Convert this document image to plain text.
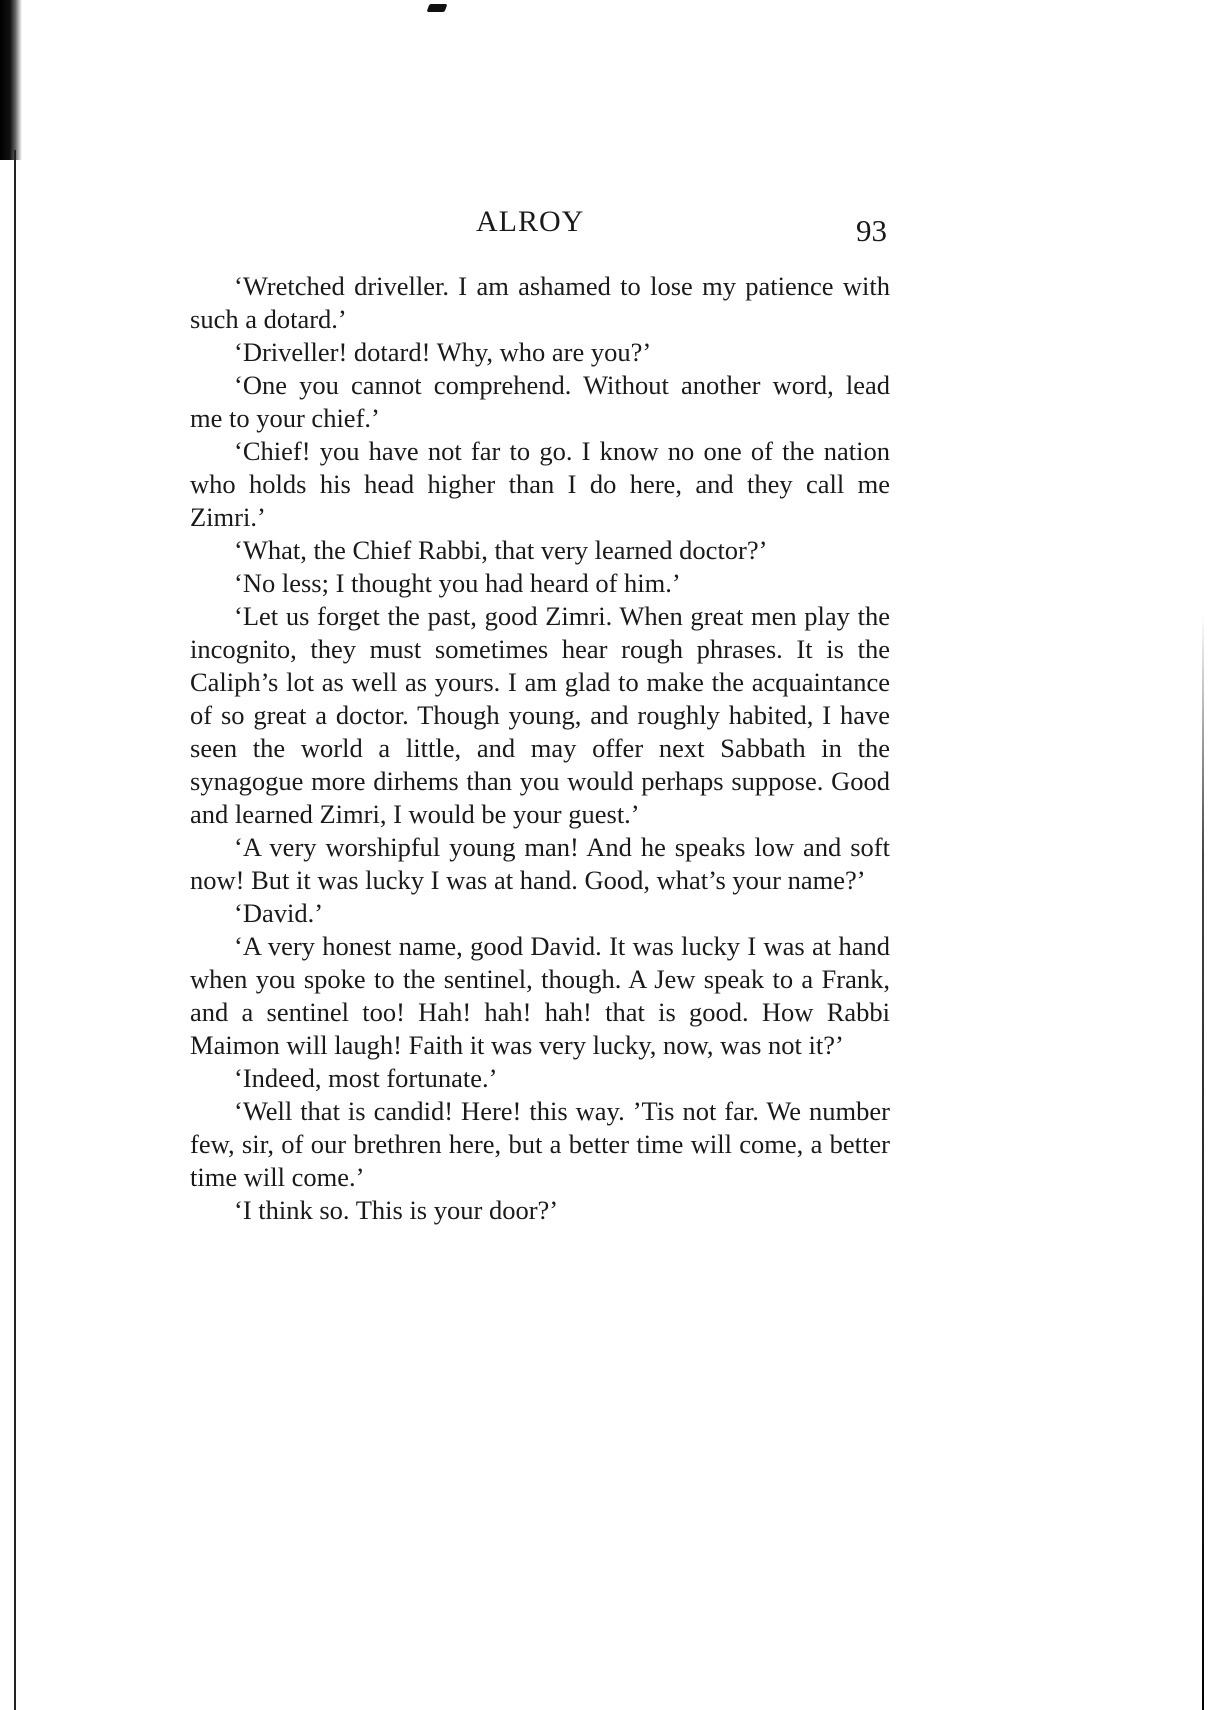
ALROY	93

‘Wretched driveller. I am ashamed to lose my patience with such a dotard.’

‘Driveller! dotard! Why, who are you?’

‘One you cannot comprehend. Without another word, lead me to your chief.’

‘Chief! you have not far to go. I know no one of the nation who holds his head higher than I do here, and they call me Zimri.’

‘What, the Chief Rabbi, that very learned doctor?’

‘No less; I thought you had heard of him.’

‘Let us forget the past, good Zimri. When great men play the incognito, they must sometimes hear rough phrases. It is the Caliph’s lot as well as yours. I am glad to make the acquaintance of so great a doctor. Though young, and roughly habited, I have seen the world a little, and may offer next Sabbath in the synagogue more dirhems than you would perhaps suppose. Good and learned Zimri, I would be your guest.’

‘A very worshipful young man! And he speaks low and soft now! But it was lucky I was at hand. Good, what’s your name?’

‘David.’

‘A very honest name, good David. It was lucky I was at hand when you spoke to the sentinel, though. A Jew speak to a Frank, and a sentinel too! Hah! hah! hah! that is good. How Rabbi Maimon will laugh! Faith it was very lucky, now, was not it?’

‘Indeed, most fortunate.’

‘Well that is candid! Here! this way. ’Tis not far. We number few, sir, of our brethren here, but a better time will come, a better time will come.’

‘I think so. This is your door?’
